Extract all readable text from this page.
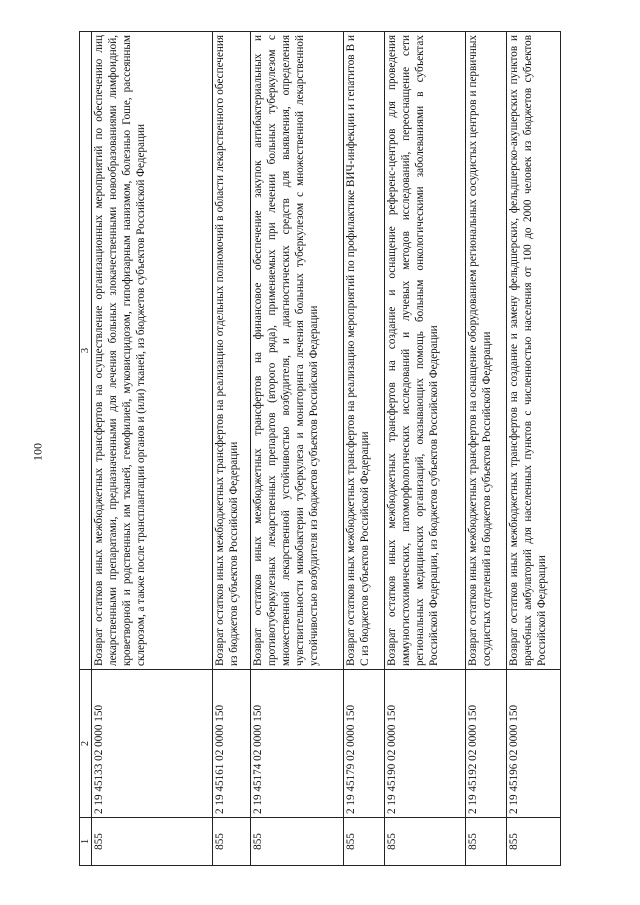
100
1	2	3
855	2 19 45133 02 0000 150	Возврат остатков иных межбюджетных трансфертов на осуществление организационных мероприятий по обеспечению лиц лекарственными препаратами, предназначенными для лечения больных злокачественными новообразованиями лимфоидной, кроветворной и родственных им тканей, гемофилией, муковисцидозом, гипофизарным нанизмом, болезнью Гоше, рассеянным склерозом, а также после трансплантации органов и (или) тканей, из бюджетов субъектов Российской Федерации
855	2 19 45161 02 0000 150	Возврат остатков иных межбюджетных трансфертов на реализацию отдельных полномочий в области лекарственного обеспечения из бюджетов субъектов Российской Федерации
855	2 19 45174 02 0000 150	Возврат остатков иных межбюджетных трансфертов на финансовое обеспечение закупок антибактериальных и противотуберкулезных лекарственных препаратов (второго ряда), применяемых при лечении больных туберкулезом с множественной лекарственной устойчивостью возбудителя, и диагностических средств для выявления, определения чувствительности микобактерии туберкулеза и мониторинга лечения больных туберкулезом с множественной лекарственной устойчивостью возбудителя из бюджетов субъектов Российской Федерации
855	2 19 45179 02 0000 150	Возврат остатков иных межбюджетных трансфертов на реализацию мероприятий по профилактике ВИЧ-инфекции и гепатитов B и C из бюджетов субъектов Российской Федерации
855	2 19 45190 02 0000 150	Возврат остатков иных межбюджетных трансфертов на создание и оснащение референс-центров для проведения иммуногистохимических, патоморфологических исследований и лучевых методов исследований, переоснащение сети региональных медицинских организаций, оказывающих помощь больным онкологическими заболеваниями в субъектах Российской Федерации, из бюджетов субъектов Российской Федерации
855	2 19 45192 02 0000 150	Возврат остатков иных межбюджетных трансфертов на оснащение оборудованием региональных сосудистых центров и первичных сосудистых отделений из бюджетов субъектов Российской Федерации
855	2 19 45196 02 0000 150	Возврат остатков иных межбюджетных трансфертов на создание и замену фельдшерских, фельдшерско-акушерских пунктов и врачебных амбулаторий для населенных пунктов с численностью населения от 100 до 2000 человек из бюджетов субъектов Российской Федерации
